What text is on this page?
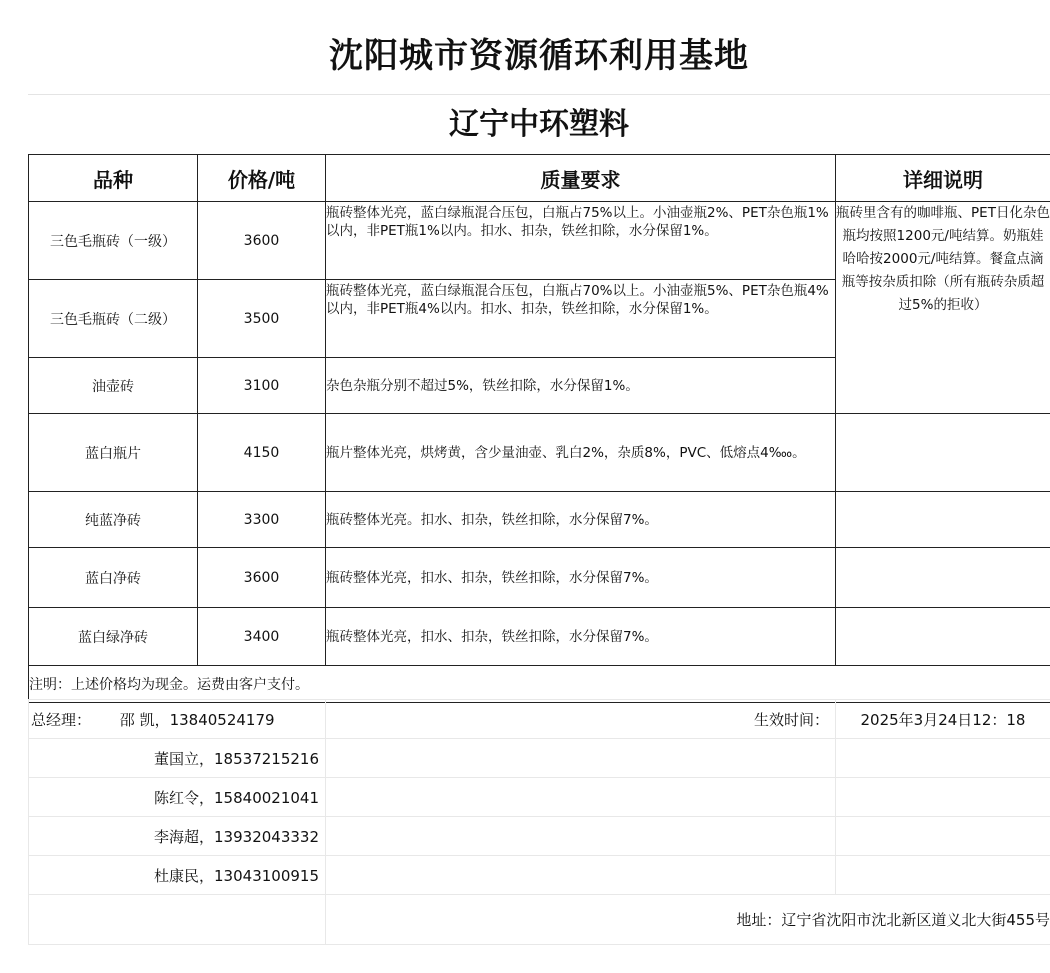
沈阳城市资源循环利用基地
辽宁中环塑料
品种	价格/吨	质量要求	详细说明
三色毛瓶砖（一级）	3600	瓶砖整体光亮，蓝白绿瓶混合压包，白瓶占75%以上。小油壶瓶2%、PET杂色瓶1%以内，非PET瓶1%以内。扣水、扣杂，铁丝扣除，水分保留1%。	瓶砖里含有的咖啡瓶、PET日化杂色瓶均按照1200元/吨结算。奶瓶娃哈哈按2000元/吨结算。餐盒点滴瓶等按杂质扣除（所有瓶砖杂质超过5%的拒收）
三色毛瓶砖（二级）	3500	瓶砖整体光亮，蓝白绿瓶混合压包，白瓶占70%以上。小油壶瓶5%、PET杂色瓶4%以内，非PET瓶4%以内。扣水、扣杂，铁丝扣除，水分保留1%。	
油壶砖	3100	杂色杂瓶分别不超过5%，铁丝扣除，水分保留1%。	
蓝白瓶片	4150	瓶片整体光亮，烘烤黄，含少量油壶、乳白2%，杂质8%，PVC、低熔点4‱。	
纯蓝净砖	3300	瓶砖整体光亮。扣水、扣杂，铁丝扣除，水分保留7%。	
蓝白净砖	3600	瓶砖整体光亮，扣水、扣杂，铁丝扣除，水分保留7%。	
蓝白绿净砖	3400	瓶砖整体光亮，扣水、扣杂，铁丝扣除，水分保留7%。	
注明：上述价格均为现金。运费由客户支付。			
总经理： 邵 凯，13840524179	生效时间：	2025年3月24日12：18
董国立，18537215216		
陈红令，15840021041		
李海超，13932043332		
杜康民，13043100915		
	地址：辽宁省沈阳市沈北新区道义北大街455号	
